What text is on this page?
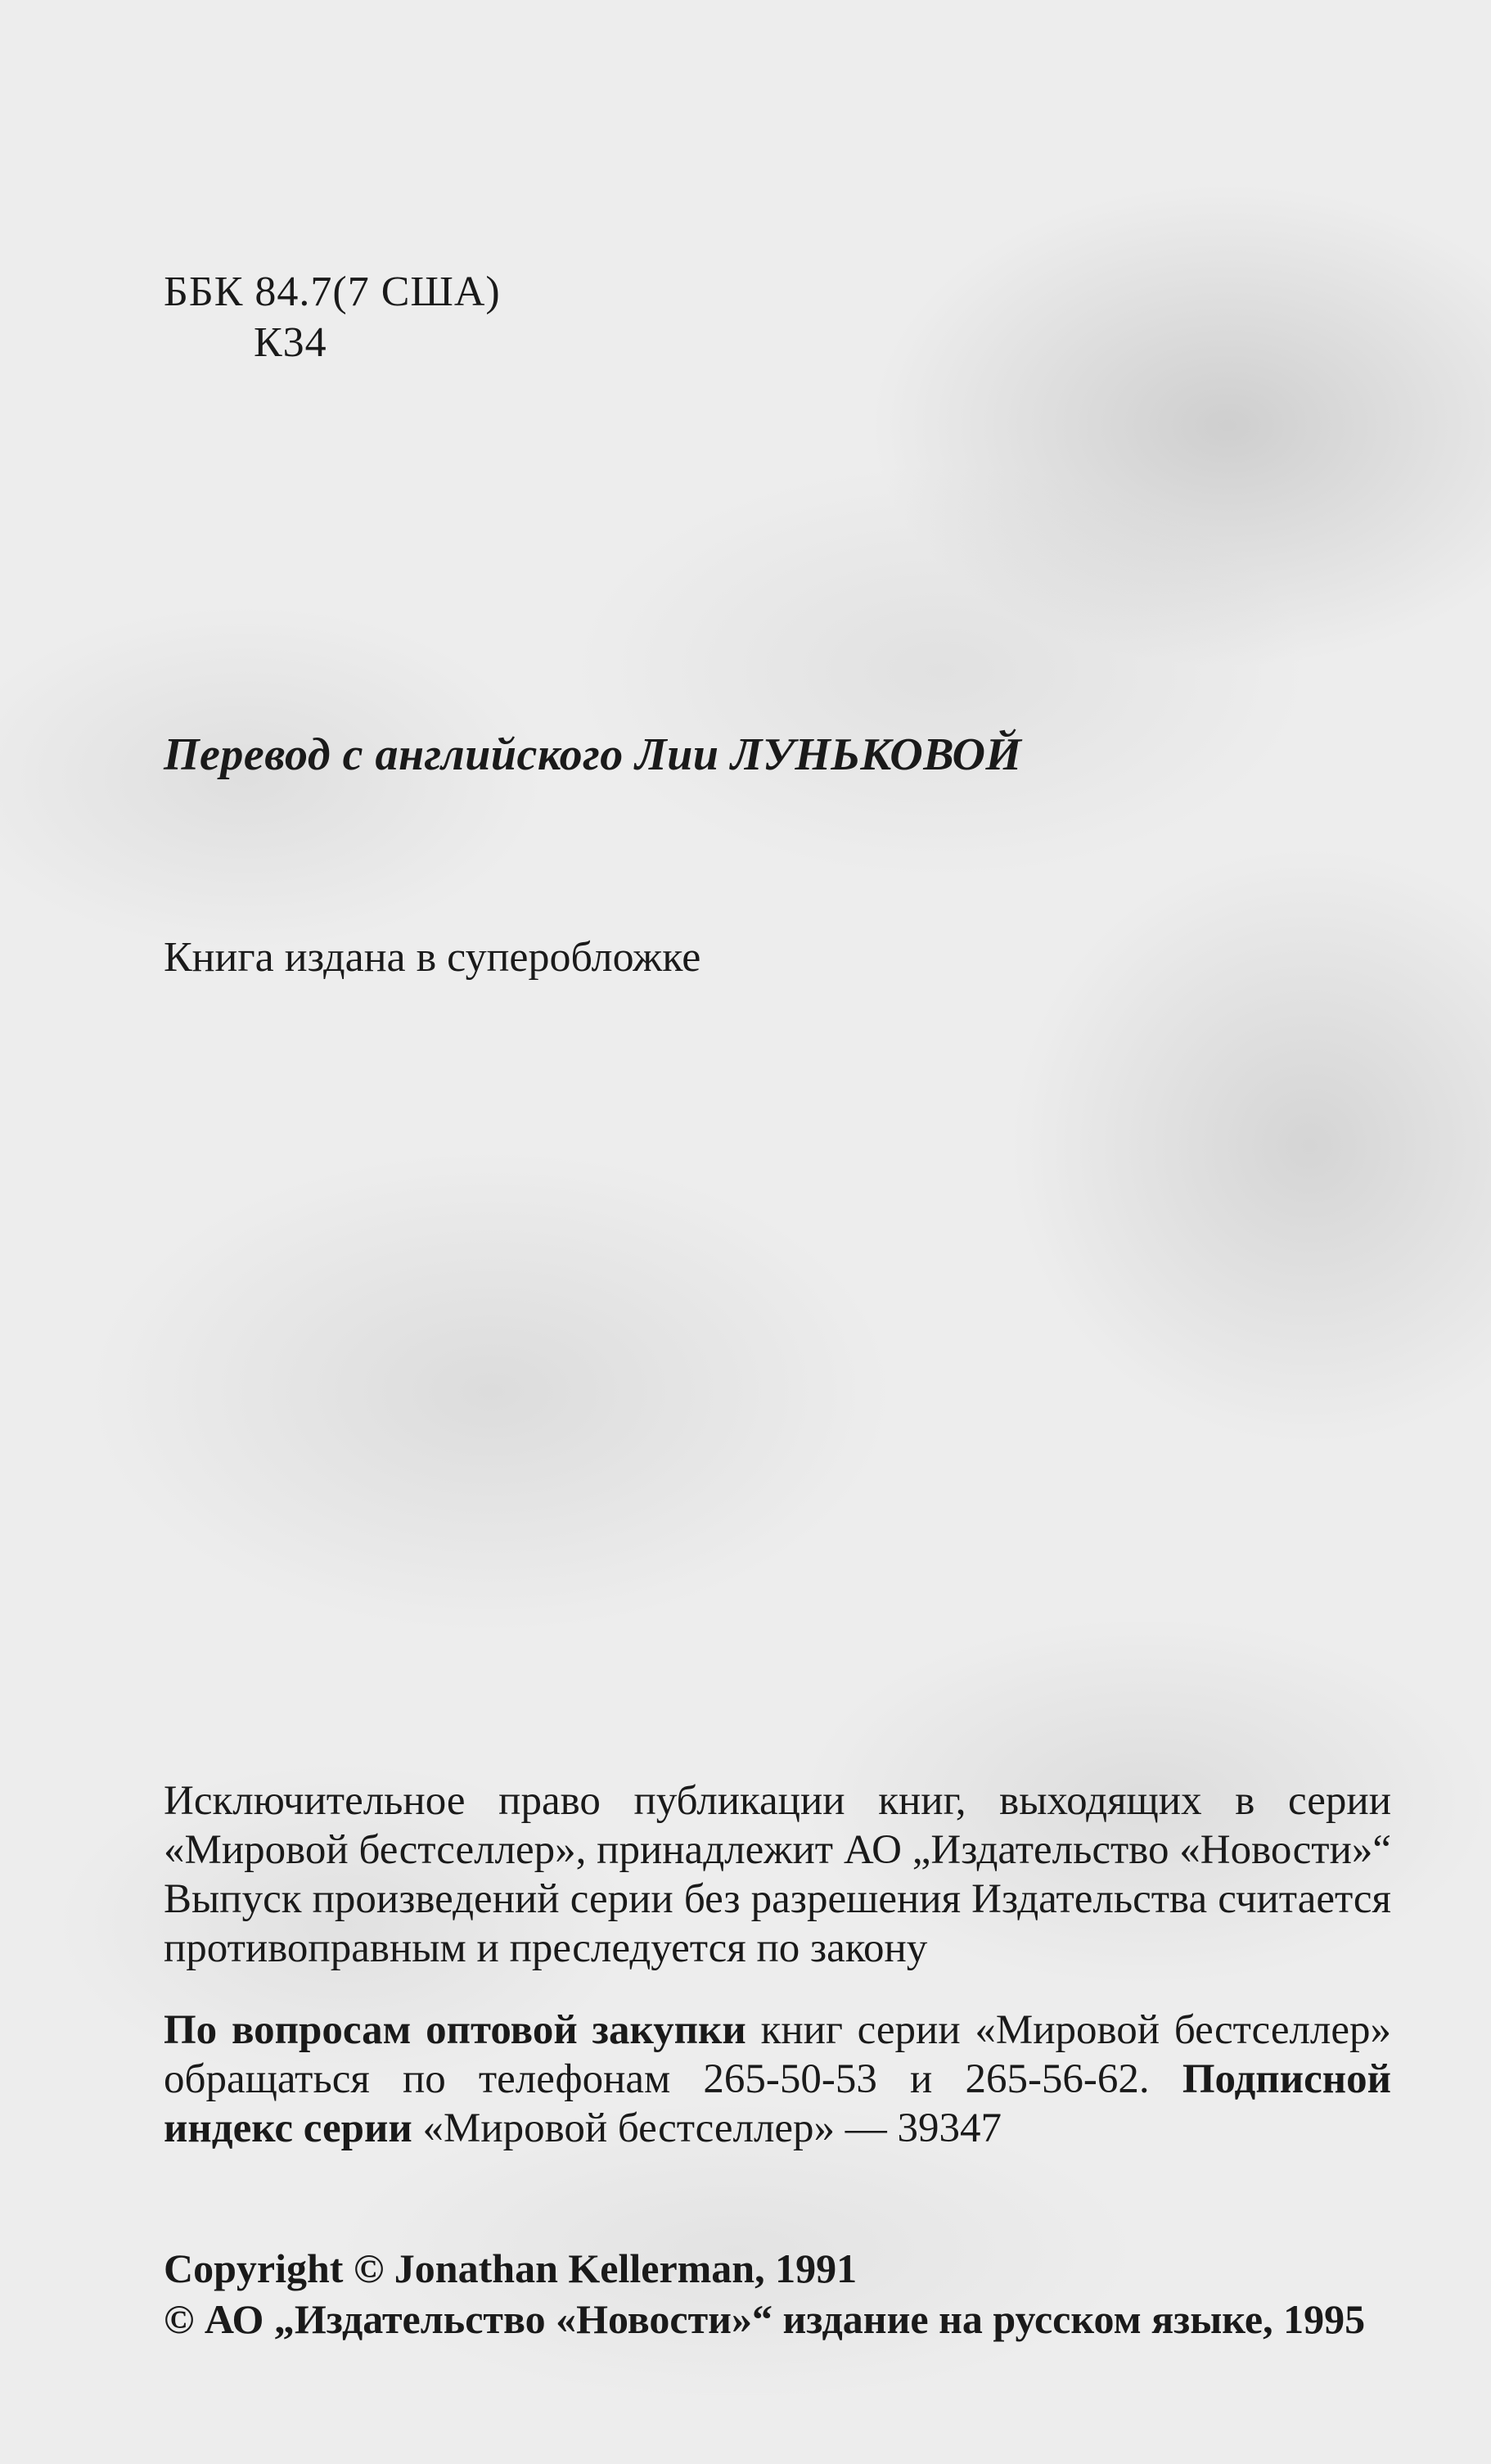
ББК 84.7(7 США)
К34
Перевод с английского Лии ЛУНЬКОВОЙ
Книга издана в суперобложке
Исключительное право публикации книг, выходящих в серии «Мировой бестселлер», принадлежит АО „Издательство «Новости»“ Выпуск произведений серии без разрешения Издательства считается противоправным и преследуется по закону
По вопросам оптовой закупки книг серии «Мировой бестселлер» обращаться по телефонам 265-50-53 и 265-56-62. Подписной индекс серии «Мировой бестселлер» — 39347
Copyright © Jonathan Kellerman, 1991
© АО „Издательство «Новости»“ издание на русском языке, 1995
